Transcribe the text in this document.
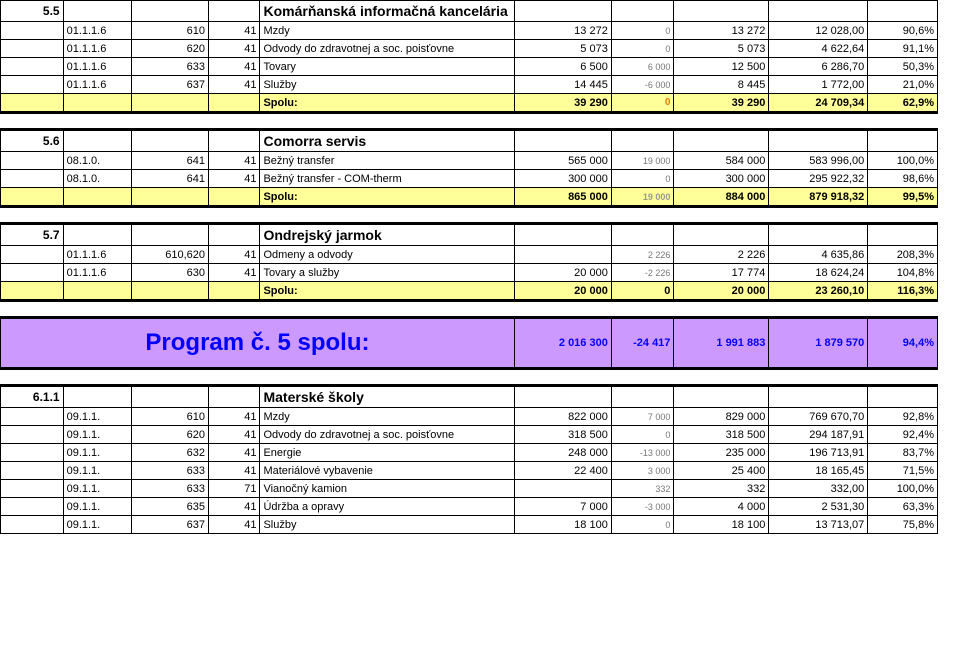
5.5				Komárňanská informačná kancelária					
	01.1.1.6	610	41	Mzdy	13 272	0	13 272	12 028,00	90,6%
	01.1.1.6	620	41	Odvody do zdravotnej a soc. poisťovne	5 073	0	5 073	4 622,64	91,1%
	01.1.1.6	633	41	Tovary	6 500	6 000	12 500	6 286,70	50,3%
	01.1.1.6	637	41	Služby	14 445	-6 000	8 445	1 772,00	21,0%
				Spolu:	39 290	0	39 290	24 709,34	62,9%

5.6				Comorra servis					
	08.1.0.	641	41	Bežný transfer	565 000	19 000	584 000	583 996,00	100,0%
	08.1.0.	641	41	Bežný transfer - COM-therm	300 000	0	300 000	295 922,32	98,6%
				Spolu:	865 000	19 000	884 000	879 918,32	99,5%

5.7				Ondrejský jarmok					
	01.1.1.6	610,620	41	Odmeny a odvody		2 226	2 226	4 635,86	208,3%
	01.1.1.6	630	41	Tovary a služby	20 000	-2 226	17 774	18 624,24	104,8%
				Spolu:	20 000	0	20 000	23 260,10	116,3%

Program č. 5 spolu:					2 016 300	-24 417	1 991 883	1 879 570	94,4%

6.1.1				Materské školy					
	09.1.1.	610	41	Mzdy	822 000	7 000	829 000	769 670,70	92,8%
	09.1.1.	620	41	Odvody do zdravotnej a soc. poisťovne	318 500	0	318 500	294 187,91	92,4%
	09.1.1.	632	41	Energie	248 000	-13 000	235 000	196 713,91	83,7%
	09.1.1.	633	41	Materiálové vybavenie	22 400	3 000	25 400	18 165,45	71,5%
	09.1.1.	633	71	Vianočný kamion		332	332	332,00	100,0%
	09.1.1.	635	41	Údržba a opravy	7 000	-3 000	4 000	2 531,30	63,3%
	09.1.1.	637	41	Služby	18 100	0	18 100	13 713,07	75,8%
